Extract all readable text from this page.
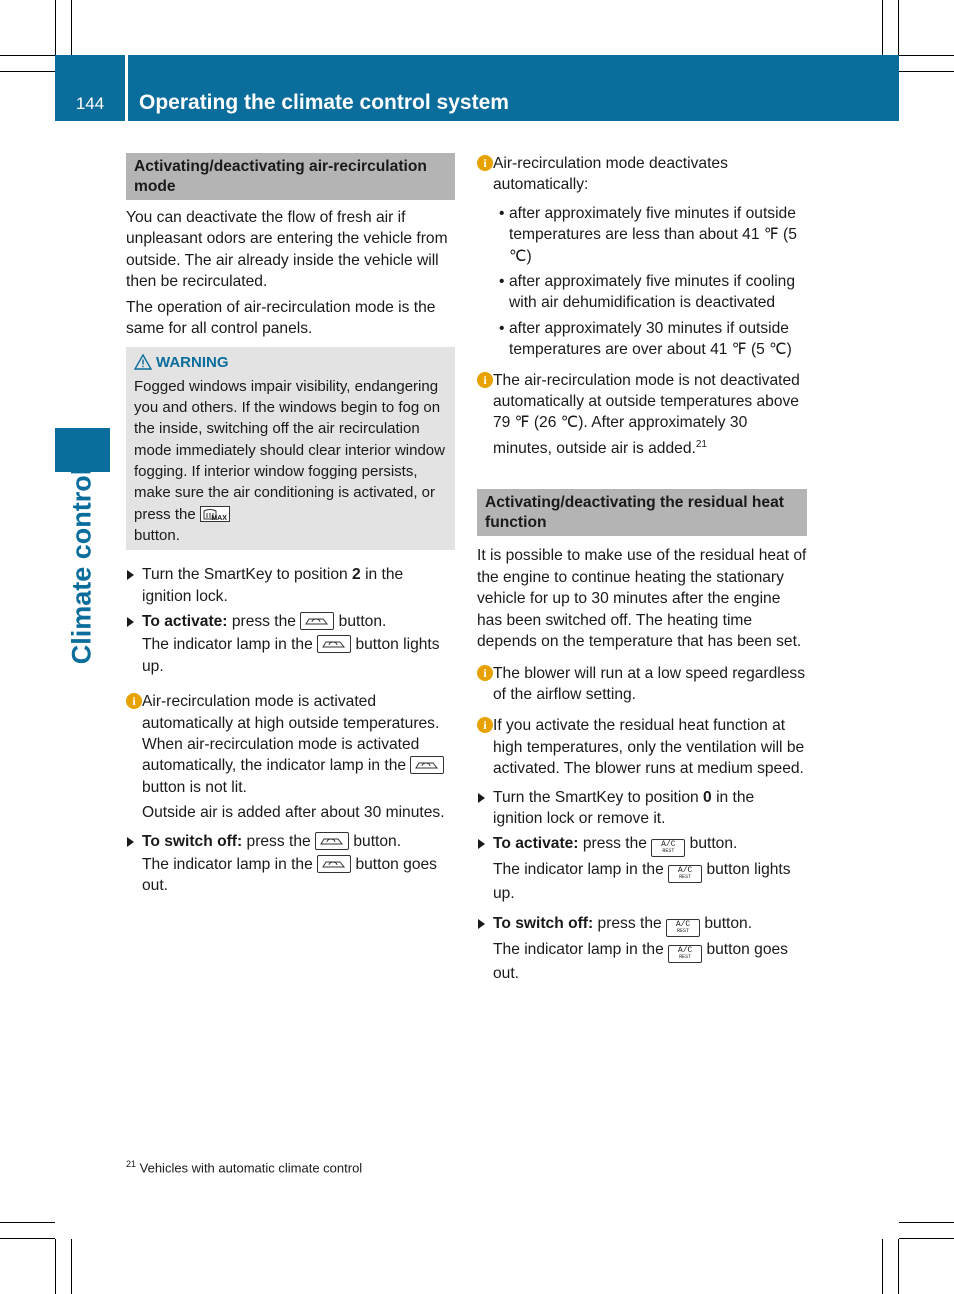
144	Operating the climate control system
Climate control
Activating/deactivating air-recirculation mode

You can deactivate the flow of fresh air if unpleasant odors are entering the vehicle from outside. The air already inside the vehicle will then be recirculated.

The operation of air-recirculation mode is the same for all control panels.

WARNING
Fogged windows impair visibility, endangering you and others. If the windows begin to fog on the inside, switching off the air recirculation mode immediately should clear interior window fogging. If interior window fogging persists, make sure the air conditioning is activated, or press the MAX

button.
Turn the SmartKey to position 2 in the ignition lock.
To activate: press the	button.
The indicator lamp in the	button lights up.
i Air-recirculation mode is activated automatically at high outside temperatures. When air-recirculation mode is activated automatically, the indicator lamp in the
button is not lit.

Outside air is added after about 30 minutes.

To switch off: press the	button.
The indicator lamp in the	button goes out.
i Air-recirculation mode deactivates automatically:
• after approximately five minutes if outside temperatures are less than about 41 ℉ (5 ℃)
• after approximately five minutes if cooling with air dehumidification is deactivated
• after approximately 30 minutes if outside temperatures are over about 41 ℉ (5 ℃)
i The air-recirculation mode is not deactivated automatically at outside temperatures above 79 ℉ (26 ℃). After approximately 30 minutes, outside air is added.$^{21}$
Activating/deactivating the residual heat function

It is possible to make use of the residual heat of the engine to continue heating the stationary vehicle for up to 30 minutes after the engine has been switched off. The heating time depends on the temperature that has been set.

i The blower will run at a low speed regardless of the airflow setting.
i If you activate the residual heat function at high temperatures, only the ventilation will be activated. The blower runs at medium speed.
Turn the SmartKey to position 0 in the ignition lock or remove it.
To activate: press the	A/C
REST button.
The indicator lamp in the	A/C
REST button lights up.
To switch off: press the	A/C
REST button.
The indicator lamp in the	A/C
REST button goes out.
$^{21}$ Vehicles with automatic climate control
